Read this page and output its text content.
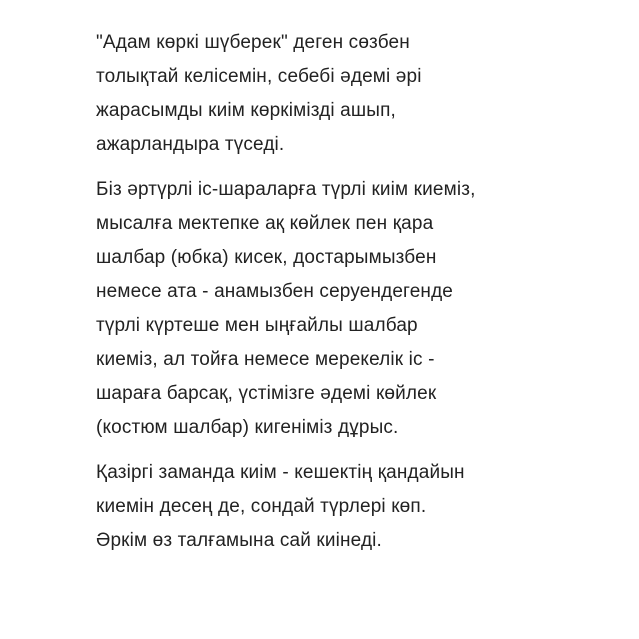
"Адам көркі шүберек" деген сөзбен
толықтай келісемін, себебі әдемі әрі
жарасымды киім көркімізді ашып,
ажарландыра түседі.

Біз әртүрлі іс-шараларға түрлі киім киеміз,
мысалға мектепке ақ көйлек пен қара
шалбар (юбка) кисек, достарымызбен
немесе ата - анамызбен серуендегенде
түрлі күртеше мен ыңғайлы шалбар
киеміз, ал тойға немесе мерекелік іс -
шараға барсақ, үстімізге әдемі көйлек
(костюм шалбар) кигеніміз дұрыс.

Қазіргі заманда киім - кешектің қандайын
киемін десең де, сондай түрлері көп.
Әркім өз талғамына сай киінеді.
